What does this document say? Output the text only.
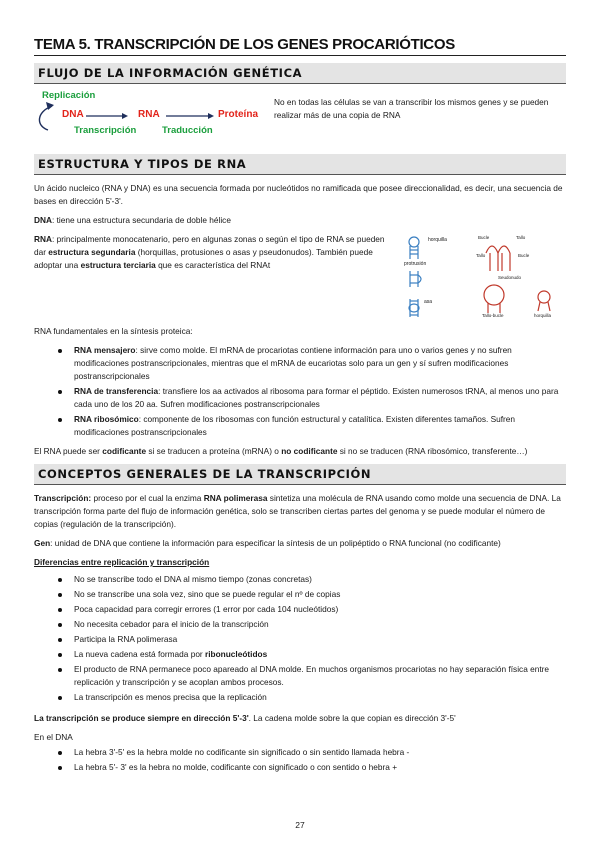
TEMA 5. TRANSCRIPCIÓN DE LOS GENES PROCARIÓTICOS
FLUJO DE LA INFORMACIÓN GENÉTICA
Replicación
DNA	RNA	Proteína
Transcripción	Traducción

No en todas las células se van a transcribir los mismos genes y se pueden realizar más de una copia de RNA

ESTRUCTURA Y TIPOS DE RNA

Un ácido nucleico (RNA y DNA) es una secuencia formada por nucleótidos no ramificada que posee direccionalidad, es decir, una secuencia de bases en dirección 5'-3'.

DNA: tiene una estructura secundaria de doble hélice

RNA: principalmente monocatenario, pero en algunas zonas o según el tipo de RNA se pueden dar estructura segundaria (horquillas, protusiones o asas y pseudonudos). También puede adoptar una estructura terciaria que es característica del RNAt

horquilla
protrusión
asa
Bucle	Tallo
Tallo	Bucle
Seudonudo
Tallo-bucle	horquilla

RNA fundamentales en la síntesis proteica:

RNA mensajero: sirve como molde. El mRNA de procariotas contiene información para uno o varios genes y no sufren modificaciones postranscripcionales, mientras que el mRNA de eucariotas solo para un gen y sí sufren modificaciones postranscripcionales
RNA de transferencia: transfiere los aa activados al ribosoma para formar el péptido. Existen numerosos tRNA, al menos uno para cada uno de los 20 aa. Sufren modificaciones postranscripcionales
RNA ribosómico: componente de los ribosomas con función estructural y catalítica. Existen diferentes tamaños. Sufren modificaciones postranscripcionales

El RNA puede ser codificante si se traducen a proteína (mRNA) o no codificante si no se traducen (RNA ribosómico, transferente…)

CONCEPTOS GENERALES DE LA TRANSCRIPCIÓN

Transcripción: proceso por el cual la enzima RNA polimerasa sintetiza una molécula de RNA usando como molde una secuencia de DNA. La transcripción forma parte del flujo de información genética, solo se transcriben ciertas partes del genoma y se puede modular el número de copias (regulación de la transcripción).

Gen: unidad de DNA que contiene la información para especificar la síntesis de un polipéptido o RNA funcional (no codificante)

Diferencias entre replicación y transcripción

No se transcribe todo el DNA al mismo tiempo (zonas concretas)
No se transcribe una sola vez, sino que se puede regular el nº de copias
Poca capacidad para corregir errores (1 error por cada 104 nucleótidos)
No necesita cebador para el inicio de la transcripción
Participa la RNA polimerasa
La nueva cadena está formada por ribonucleótidos
El producto de RNA permanece poco apareado al DNA molde. En muchos organismos procariotas no hay separación física entre replicación y transcripción y se acoplan ambos procesos.
La transcripción es menos precisa que la replicación

La transcripción se produce siempre en dirección 5'-3'. La cadena molde sobre la que copian es dirección 3'-5'

En el DNA

La hebra 3'-5' es la hebra molde no codificante sin significado o sin sentido llamada hebra -
La hebra 5'- 3' es la hebra no molde, codificante con significado o con sentido o hebra +
27
